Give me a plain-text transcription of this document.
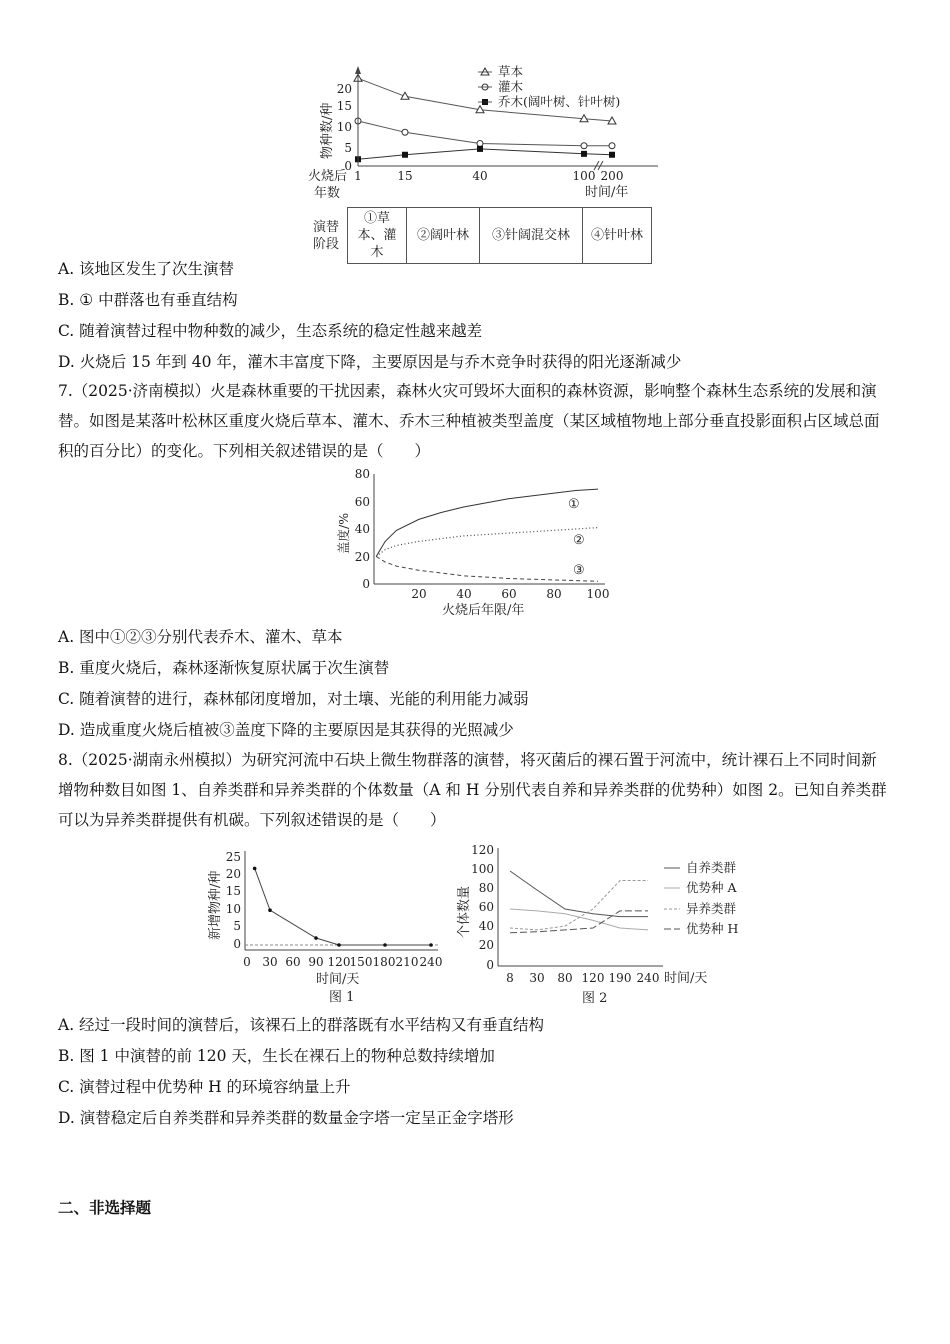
20
15
10
5
0
物种数/种
1	15	40	100 200
火烧后年数	时间/年
草本
灌木
乔木(阔叶树、针叶树)
演替阶段	①草本、灌木	②阔叶林	③针阔混交林	④针叶林
A. 该地区发生了次生演替
B. ① 中群落也有垂直结构
C. 随着演替过程中物种数的减少，生态系统的稳定性越来越差
D. 火烧后 15 年到 40 年，灌木丰富度下降，主要原因是与乔木竞争时获得的阳光逐渐减少
7.（2025·济南模拟）火是森林重要的干扰因素，森林火灾可毁坏大面积的森林资源，影响整个森林生态系统的发展和演替。如图是某落叶松林区重度火烧后草本、灌木、乔木三种植被类型盖度（某区域植物地上部分垂直投影面积占区域总面积的百分比）的变化。下列相关叙述错误的是（　　）
80
60
40
20
0
20 40 60 80 100
盖度/%
火烧后年限/年
①
②
③
A. 图中①②③分别代表乔木、灌木、草本
B. 重度火烧后，森林逐渐恢复原状属于次生演替
C. 随着演替的进行，森林郁闭度增加，对土壤、光能的利用能力减弱
D. 造成重度火烧后植被③盖度下降的主要原因是其获得的光照减少
8.（2025·湖南永州模拟）为研究河流中石块上微生物群落的演替，将灭菌后的裸石置于河流中，统计裸石上不同时间新增物种数目如图 1、自养类群和异养类群的个体数量（A 和 H 分别代表自养和异养类群的优势种）如图 2。已知自养类群可以为异养类群提供有机碳。下列叙述错误的是（　　）
25
20
15
10
5
0
0 30 60 90 120 150 180 210 240
新增物种/种
时间/天
图 1
120
100
80
60
40
20
0
8 30 80 120 190 240 时间/天
个体数量
图 2
自养类群
优势种 A
异养类群
优势种 H
A. 经过一段时间的演替后，该裸石上的群落既有水平结构又有垂直结构
B. 图 1 中演替的前 120 天，生长在裸石上的物种总数持续增加
C. 演替过程中优势种 H 的环境容纳量上升
D. 演替稳定后自养类群和异养类群的数量金字塔一定呈正金字塔形
二、非选择题
